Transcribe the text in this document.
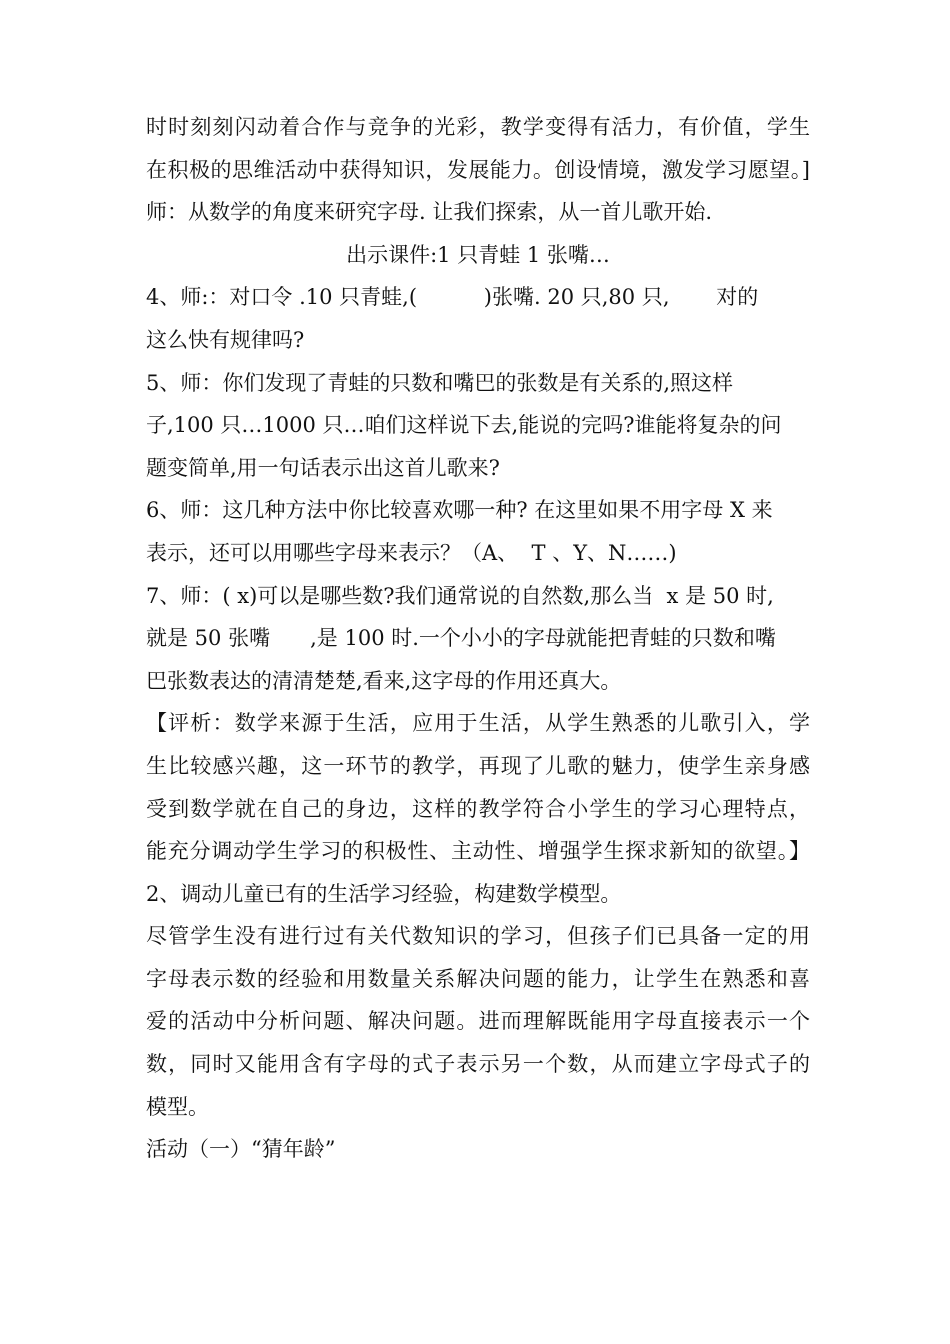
时时刻刻闪动着合作与竞争的光彩，教学变得有活力，有价值，学生
在积极的思维活动中获得知识，发展能力。创设情境，激发学习愿望。]
师：从数学的角度来研究字母. 让我们探索，从一首儿歌开始.
出示课件:1 只青蛙 1 张嘴…
4、师:：对口令 .10 只青蛙,(          )张嘴. 20 只,80 只,       对的
这么快有规律吗?
5、师：你们发现了青蛙的只数和嘴巴的张数是有关系的,照这样
子,100 只…1000 只…咱们这样说下去,能说的完吗?谁能将复杂的问
题变简单,用一句话表示出这首儿歌来?
6、师：这几种方法中你比较喜欢哪一种? 在这里如果不用字母 X 来
表示，还可以用哪些字母来表示？（A、  T 、Y、N……)
7、师：( x)可以是哪些数?我们通常说的自然数,那么当  x 是 50 时,
就是 50 张嘴      ,是 100 时.一个小小的字母就能把青蛙的只数和嘴
巴张数表达的清清楚楚,看来,这字母的作用还真大。
【评析：数学来源于生活，应用于生活，从学生熟悉的儿歌引入，学
生比较感兴趣，这一环节的教学，再现了儿歌的魅力，使学生亲身感
受到数学就在自己的身边，这样的教学符合小学生的学习心理特点，
能充分调动学生学习的积极性、主动性、增强学生探求新知的欲望。】
2、调动儿童已有的生活学习经验，构建数学模型。
尽管学生没有进行过有关代数知识的学习，但孩子们已具备一定的用
字母表示数的经验和用数量关系解决问题的能力，让学生在熟悉和喜
爱的活动中分析问题、解决问题。进而理解既能用字母直接表示一个
数，同时又能用含有字母的式子表示另一个数，从而建立字母式子的
模型。
活动（一）“猜年龄”
